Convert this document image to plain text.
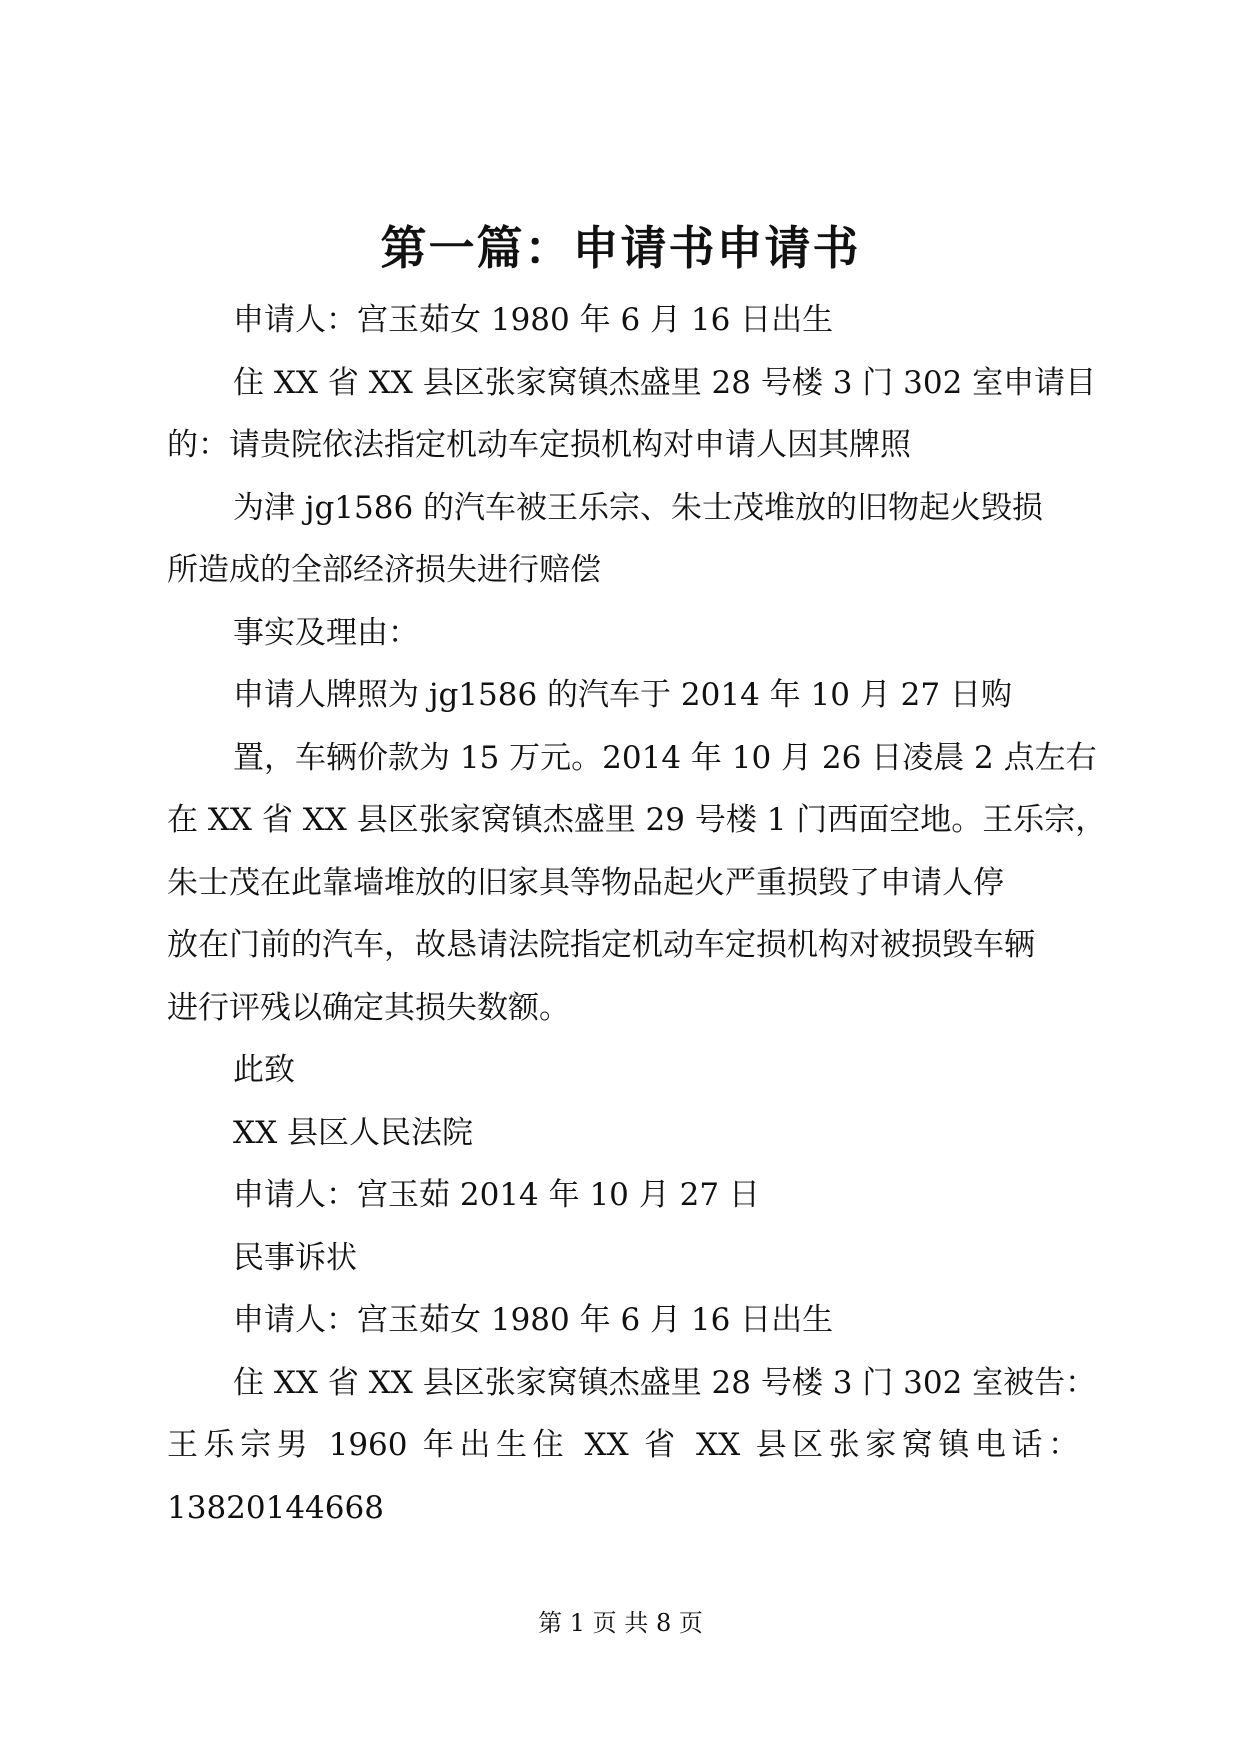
第一篇：申请书申请书
申请人：宫玉茹女 1980 年 6 月 16 日出生
住 XX 省 XX 县区张家窝镇杰盛里 28 号楼 3 门 302 室申请目
的：请贵院依法指定机动车定损机构对申请人因其牌照
为津 jg1586 的汽车被王乐宗、朱士茂堆放的旧物起火毁损
所造成的全部经济损失进行赔偿
事实及理由：
申请人牌照为 jg1586 的汽车于 2014 年 10 月 27 日购
置，车辆价款为 15 万元。2014 年 10 月 26 日凌晨 2 点左右
在 XX 省 XX 县区张家窝镇杰盛里 29 号楼 1 门西面空地。王乐宗，
朱士茂在此靠墙堆放的旧家具等物品起火严重损毁了申请人停
放在门前的汽车，故恳请法院指定机动车定损机构对被损毁车辆
进行评残以确定其损失数额。
此致
XX 县区人民法院
申请人：宫玉茹 2014 年 10 月 27 日
民事诉状
申请人：宫玉茹女 1980 年 6 月 16 日出生
住 XX 省 XX 县区张家窝镇杰盛里 28 号楼 3 门 302 室被告：
王乐宗男 1960 年出生住 XX 省 XX 县区张家窝镇电话：
13820144668
第 1 页 共 8 页
